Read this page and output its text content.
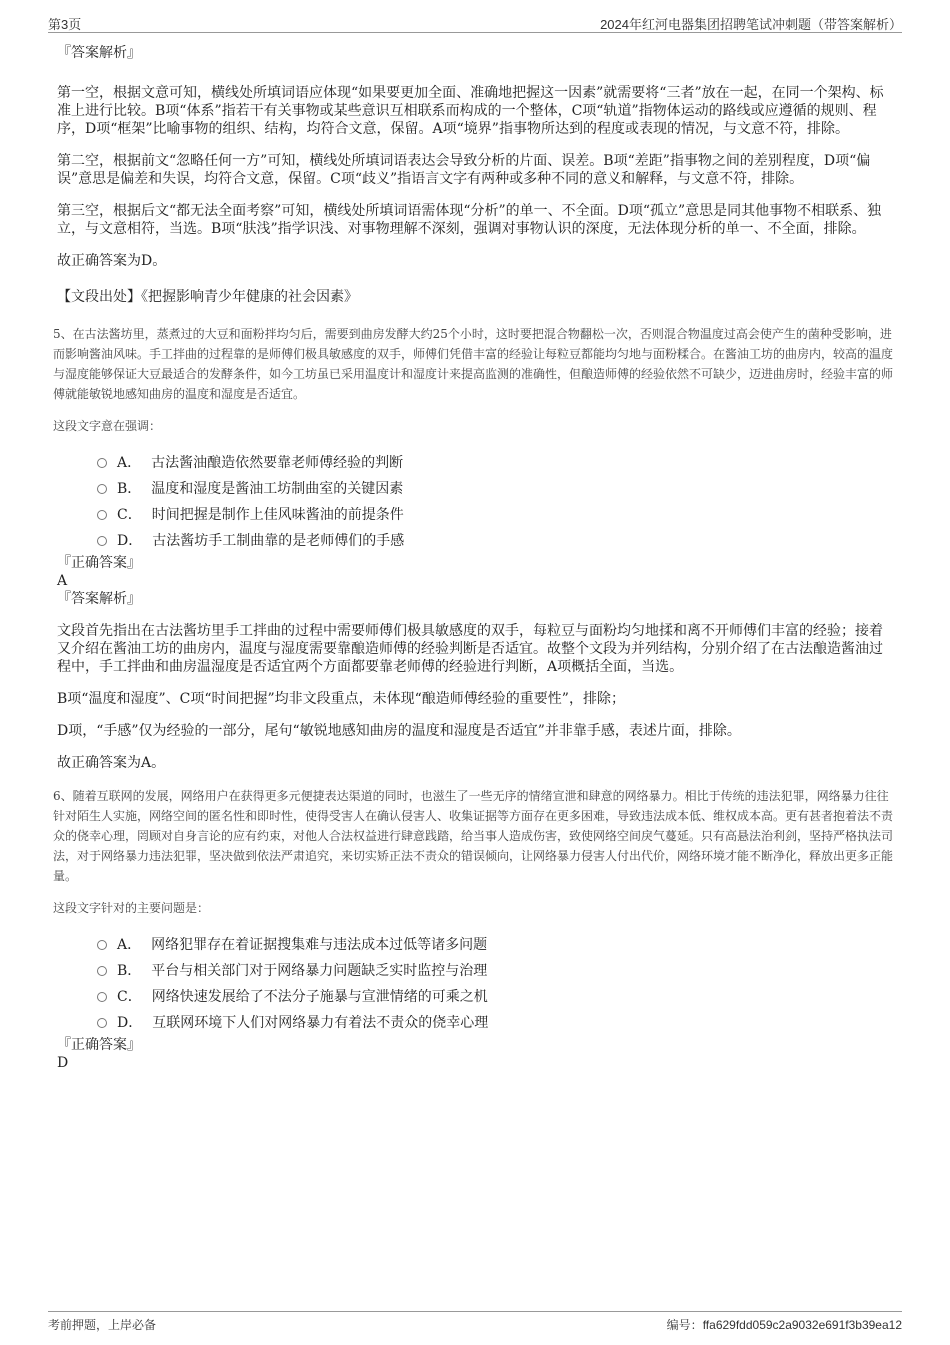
第3页	2024年红河电器集团招聘笔试冲刺题（带答案解析）

『答案解析』

第一空，根据文意可知，横线处所填词语应体现“如果要更加全面、准确地把握这一因素”就需要将“三者”放在一起，在同一个架构、标准上进行比较。B项“体系”指若干有关事物或某些意识互相联系而构成的一个整体，C项“轨道”指物体运动的路线或应遵循的规则、程序，D项“框架”比喻事物的组织、结构，均符合文意，保留。A项“境界”指事物所达到的程度或表现的情况，与文意不符，排除。

第二空，根据前文“忽略任何一方”可知，横线处所填词语表达会导致分析的片面、误差。B项“差距”指事物之间的差别程度，D项“偏误”意思是偏差和失误，均符合文意，保留。C项“歧义”指语言文字有两种或多种不同的意义和解释，与文意不符，排除。

第三空，根据后文“都无法全面考察”可知，横线处所填词语需体现“分析”的单一、不全面。D项“孤立”意思是同其他事物不相联系、独立，与文意相符，当选。B项“肤浅”指学识浅、对事物理解不深刻，强调对事物认识的深度，无法体现分析的单一、不全面，排除。

故正确答案为D。

【文段出处】《把握影响青少年健康的社会因素》

5、在古法酱坊里，蒸煮过的大豆和面粉拌均匀后，需要到曲房发酵大约25个小时，这时要把混合物翻松一次，否则混合物温度过高会使产生的菌种受影响，进而影响酱油风味。手工拌曲的过程靠的是师傅们极具敏感度的双手，师傅们凭借丰富的经验让每粒豆都能均匀地与面粉糅合。在酱油工坊的曲房内，较高的温度与湿度能够保证大豆最适合的发酵条件，如今工坊虽已采用温度计和湿度计来提高监测的准确性，但酿造师傅的经验依然不可缺少，迈进曲房时，经验丰富的师傅就能敏锐地感知曲房的温度和湿度是否适宜。

这段文字意在强调：

A． 古法酱油酿造依然要靠老师傅经验的判断
B． 温度和湿度是酱油工坊制曲室的关键因素
C． 时间把握是制作上佳风味酱油的前提条件
D． 古法酱坊手工制曲靠的是老师傅们的手感

『正确答案』

A

『答案解析』

文段首先指出在古法酱坊里手工拌曲的过程中需要师傅们极具敏感度的双手，每粒豆与面粉均匀地揉和离不开师傅们丰富的经验；接着又介绍在酱油工坊的曲房内，温度与湿度需要靠酿造师傅的经验判断是否适宜。故整个文段为并列结构，分别介绍了在古法酿造酱油过程中，手工拌曲和曲房温湿度是否适宜两个方面都要靠老师傅的经验进行判断，A项概括全面，当选。

B项“温度和湿度”、C项“时间把握”均非文段重点，未体现“酿造师傅经验的重要性”，排除；

D项，“手感”仅为经验的一部分，尾句“敏锐地感知曲房的温度和湿度是否适宜”并非靠手感，表述片面，排除。

故正确答案为A。

6、随着互联网的发展，网络用户在获得更多元便捷表达渠道的同时，也滋生了一些无序的情绪宣泄和肆意的网络暴力。相比于传统的违法犯罪，网络暴力往往针对陌生人实施，网络空间的匿名性和即时性，使得受害人在确认侵害人、收集证据等方面存在更多困难，导致违法成本低、维权成本高。更有甚者抱着法不责众的侥幸心理，罔顾对自身言论的应有约束，对他人合法权益进行肆意践踏，给当事人造成伤害，致使网络空间戾气蔓延。只有高悬法治利剑，坚持严格执法司法，对于网络暴力违法犯罪，坚决做到依法严肃追究，来切实矫正法不责众的错误倾向，让网络暴力侵害人付出代价，网络环境才能不断净化，释放出更多正能量。

这段文字针对的主要问题是：

A． 网络犯罪存在着证据搜集难与违法成本过低等诸多问题
B． 平台与相关部门对于网络暴力问题缺乏实时监控与治理
C． 网络快速发展给了不法分子施暴与宣泄情绪的可乘之机
D． 互联网环境下人们对网络暴力有着法不责众的侥幸心理

『正确答案』

D

考前押题，上岸必备	编号：ffa629fdd059c2a9032e691f3b39ea12
